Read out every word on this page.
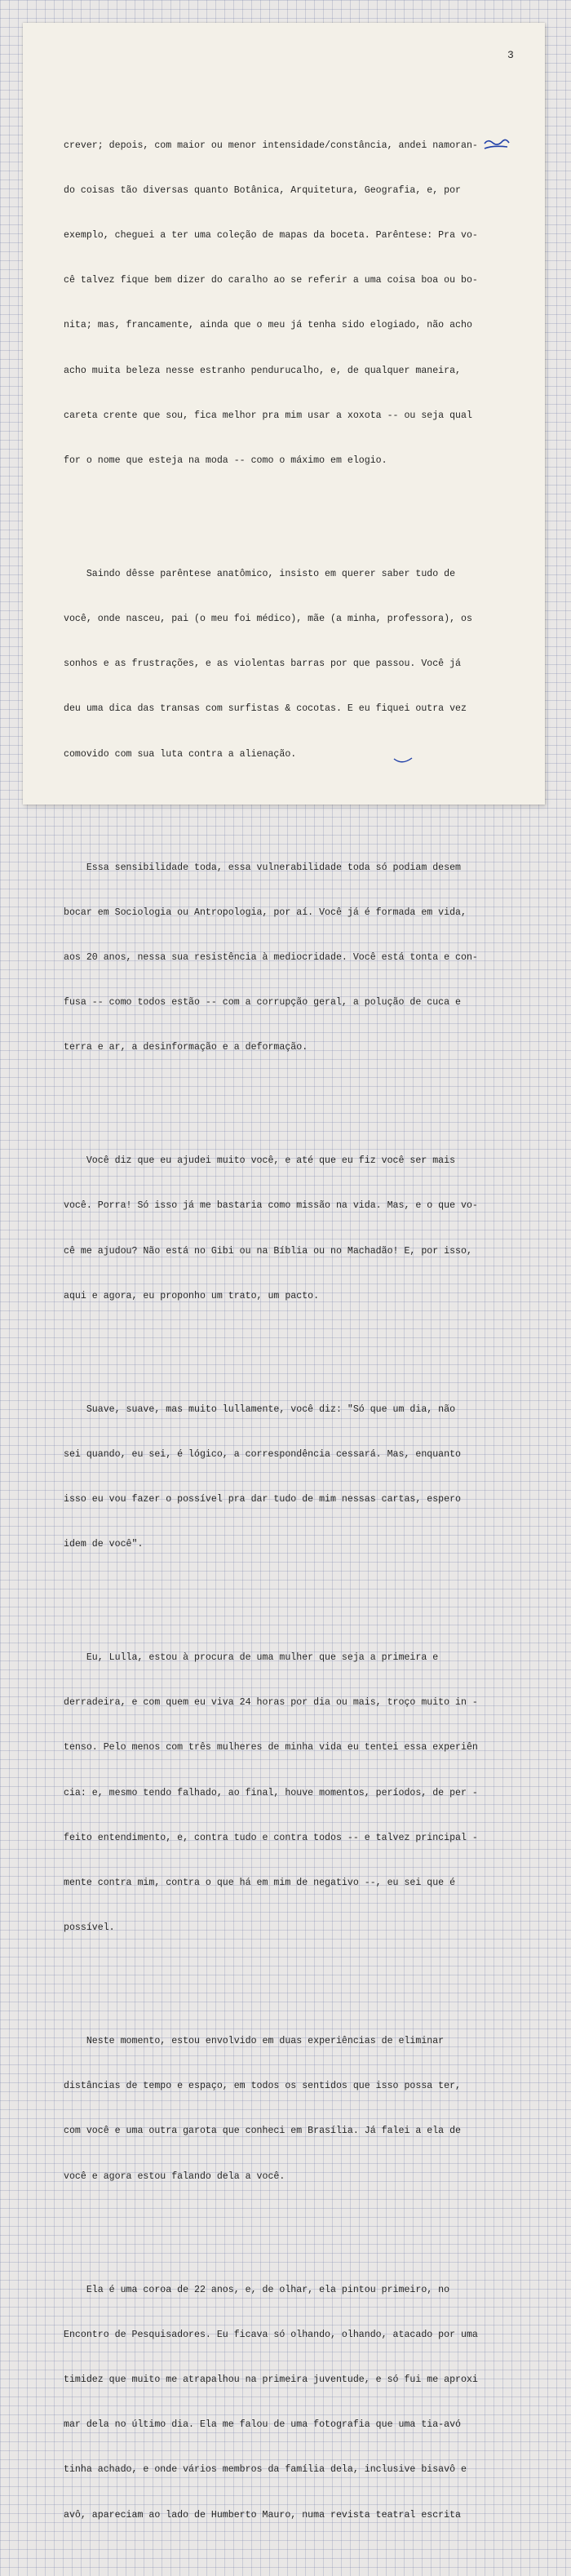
3

crever; depois, com maior ou menor intensidade/constância, andei namoran-

do coisas tão diversas quanto Botânica, Arquitetura, Geografia, e, por

exemplo, cheguei a ter uma coleção de mapas da boceta. Parêntese: Pra vo-

cê talvez fique bem dizer do caralho ao se referir a uma coisa boa ou bo-

nita; mas, francamente, ainda que o meu já tenha sido elogiado, não acho

acho muita beleza nesse estranho pendurucalho, e, de qualquer maneira,

careta crente que sou, fica melhor pra mim usar a xoxota -- ou seja qual

for o nome que esteja na moda -- como o máximo em elogio.

Saindo dêsse parêntese anatômico, insisto em querer saber tudo de

você, onde nasceu, pai (o meu foi médico), mãe (a minha, professora), os

sonhos e as frustrações, e as violentas barras por que passou. Você já

deu uma dica das transas com surfistas & cocotas. E eu fiquei outra vez

comovido com sua luta contra a alienação.

Essa sensibilidade toda, essa vulnerabilidade toda só podiam desem

bocar em Sociologia ou Antropologia, por aí. Você já é formada em vida,

aos 20 anos, nessa sua resistência à mediocridade. Você está tonta e con-

fusa -- como todos estão -- com a corrupção geral, a polução de cuca e

terra e ar, a desinformação e a deformação.

Você diz que eu ajudei muito você, e até que eu fiz você ser mais

você. Porra! Só isso já me bastaria como missão na vida. Mas, e o que vo-

cê me ajudou? Não está no Gibi ou na Bíblia ou no Machadão! E, por isso,

aqui e agora, eu proponho um trato, um pacto.

Suave, suave, mas muito lullamente, você diz: "Só que um dia, não

sei quando, eu sei, é lógico, a correspondência cessará. Mas, enquanto

isso eu vou fazer o possível pra dar tudo de mim nessas cartas, espero

idem de você".

Eu, Lulla, estou à procura de uma mulher que seja a primeira e

derradeira, e com quem eu viva 24 horas por dia ou mais, troço muito in -

tenso. Pelo menos com três mulheres de minha vida eu tentei essa experiên

cia: e, mesmo tendo falhado, ao final, houve momentos, períodos, de per -

feito entendimento, e, contra tudo e contra todos -- e talvez principal -

mente contra mim, contra o que há em mim de negativo --, eu sei que é

possível.

Neste momento, estou envolvido em duas experiências de eliminar

distâncias de tempo e espaço, em todos os sentidos que isso possa ter,

com você e uma outra garota que conheci em Brasília. Já falei a ela de

você e agora estou falando dela a você.

Ela é uma coroa de 22 anos, e, de olhar, ela pintou primeiro, no

Encontro de Pesquisadores. Eu ficava só olhando, olhando, atacado por uma

timidez que muito me atrapalhou na primeira juventude, e só fui me aproxi

mar dela no último dia. Ela me falou de uma fotografia que uma tia-avó

tinha achado, e onde vários membros da família dela, inclusive bisavô e

avô, apareciam ao lado de Humberto Mauro, numa revista teatral escrita
